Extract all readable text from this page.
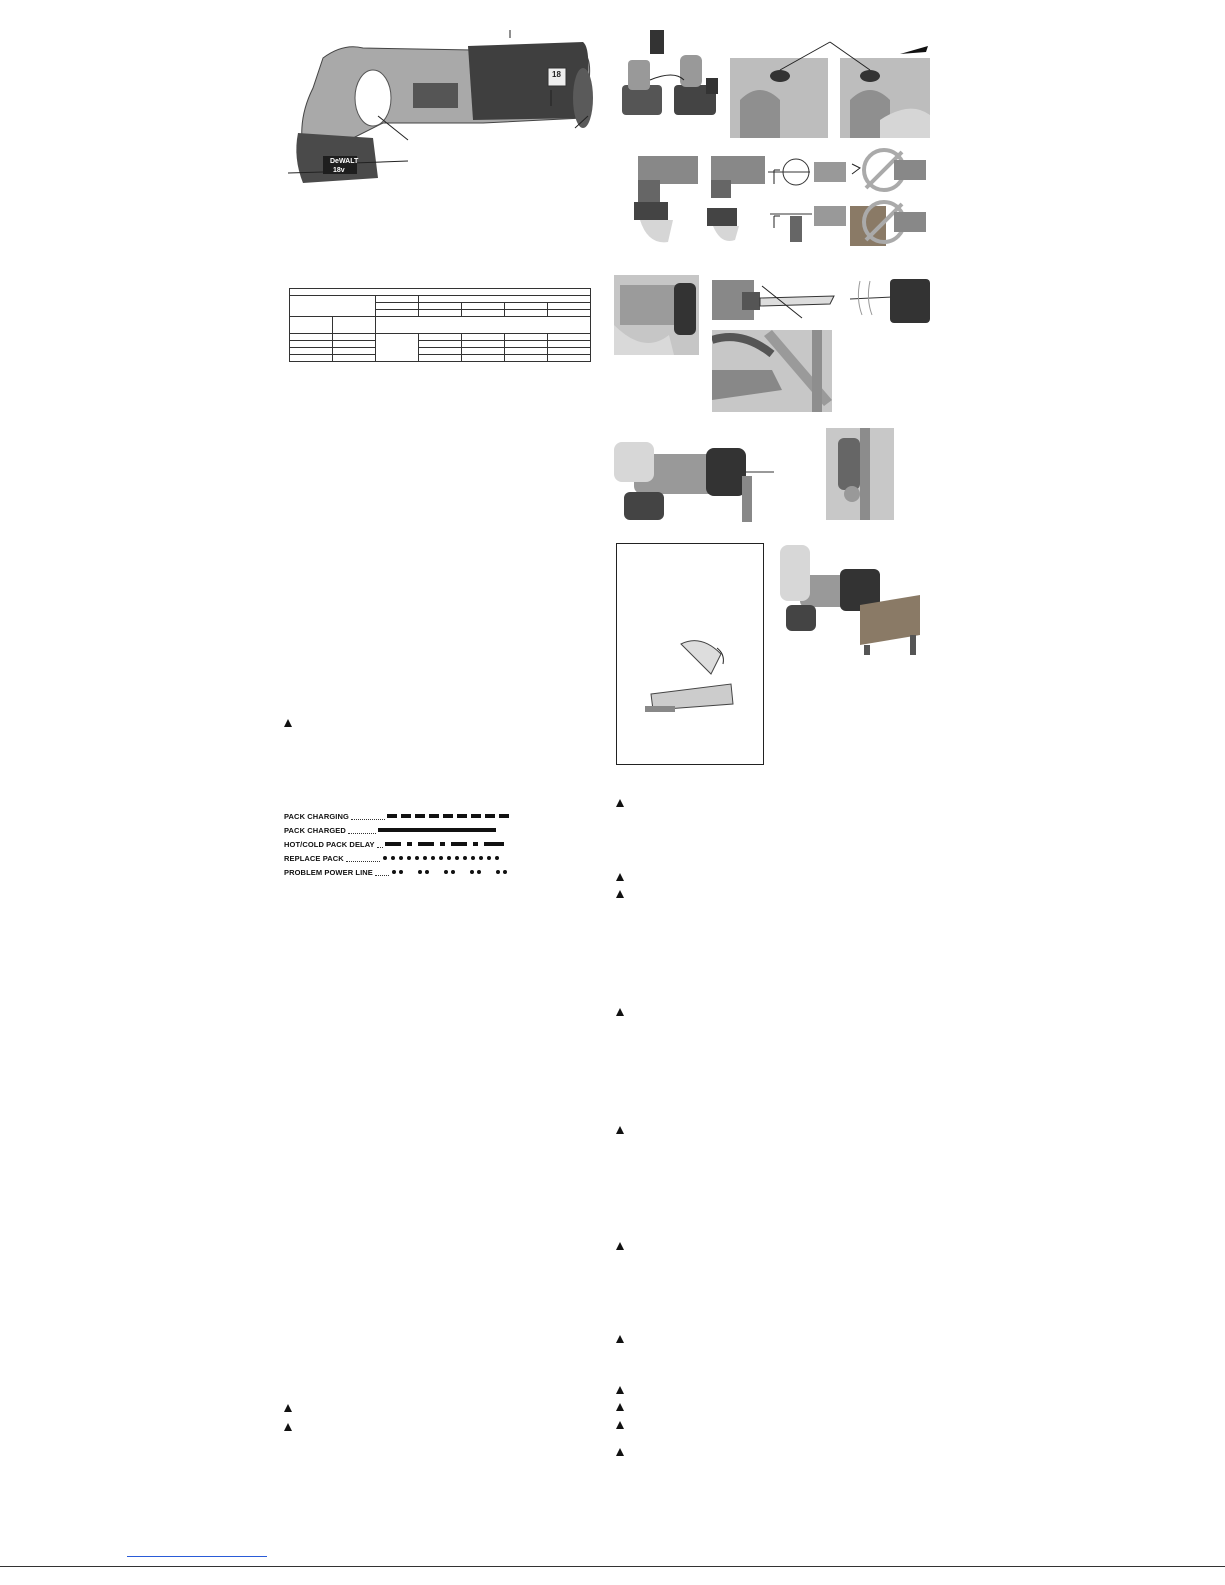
DeWALT
18v
18

PACK CHARGING
PACK CHARGED
HOT/COLD PACK DELAY
REPLACE PACK
PROBLEM POWER LINE
